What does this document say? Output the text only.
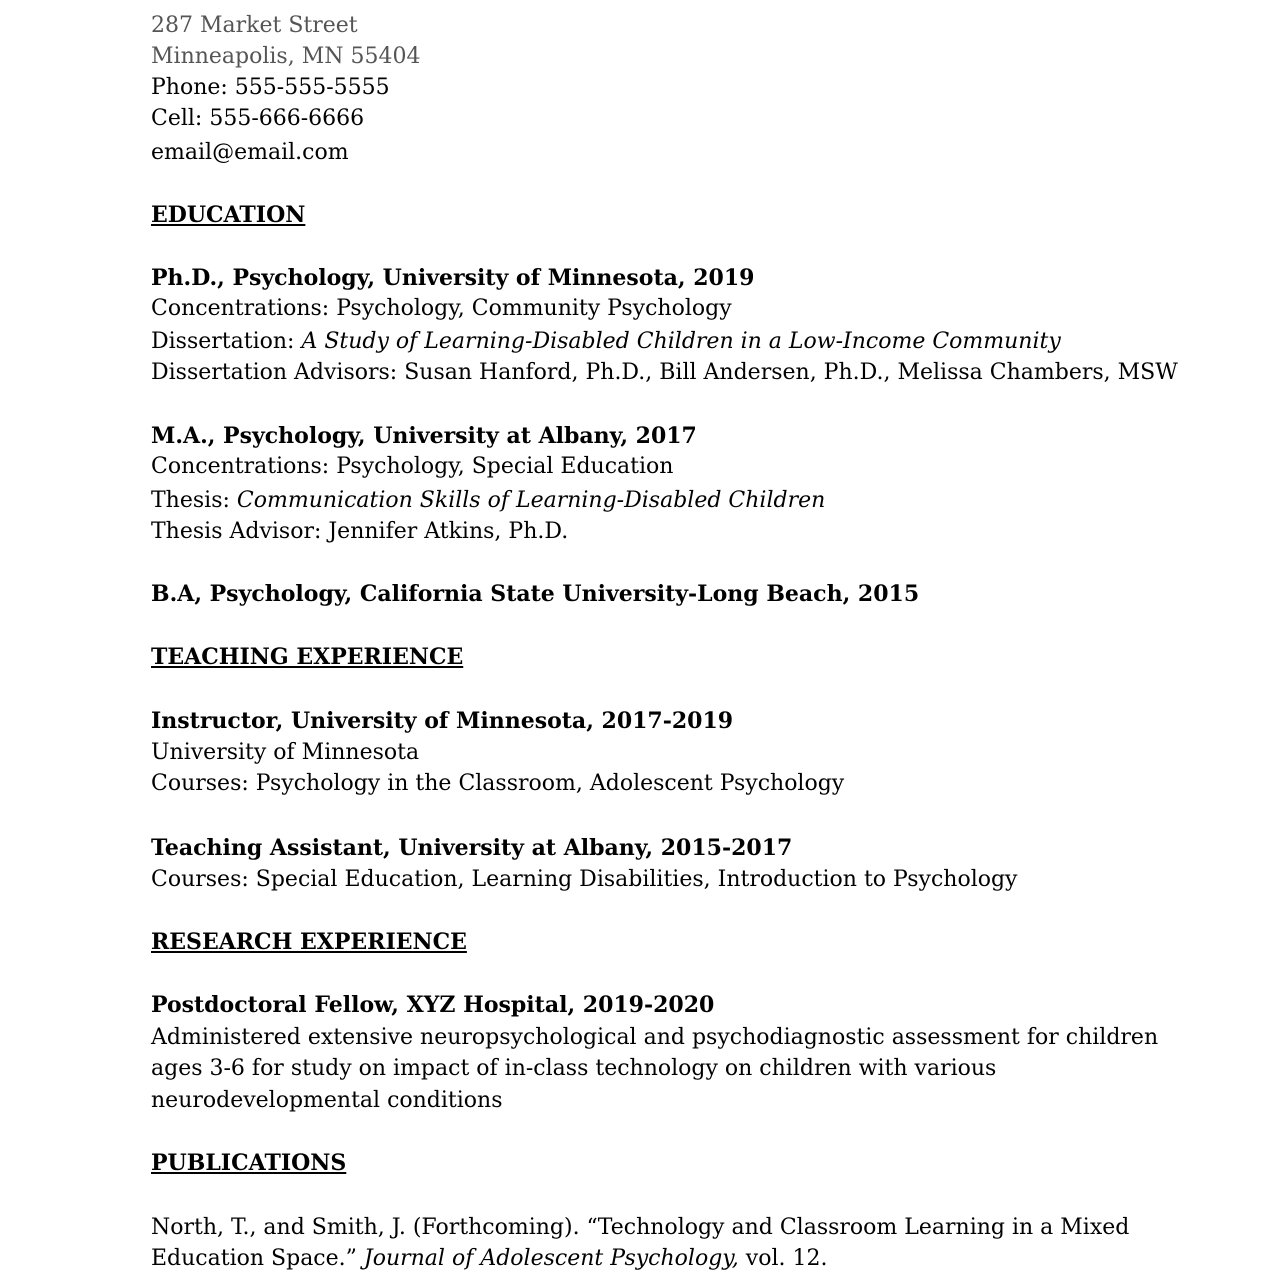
287 Market Street
Minneapolis, MN 55404
Phone: 555-555-5555
Cell: 555-666-6666
email@email.com
EDUCATION
Ph.D., Psychology, University of Minnesota, 2019
Concentrations: Psychology, Community Psychology
Dissertation: A Study of Learning-Disabled Children in a Low-Income Community
Dissertation Advisors: Susan Hanford, Ph.D., Bill Andersen, Ph.D., Melissa Chambers, MSW
M.A., Psychology, University at Albany, 2017
Concentrations: Psychology, Special Education
Thesis: Communication Skills of Learning-Disabled Children
Thesis Advisor: Jennifer Atkins, Ph.D.
B.A, Psychology, California State University-Long Beach, 2015
TEACHING EXPERIENCE
Instructor, University of Minnesota, 2017-2019
University of Minnesota
Courses: Psychology in the Classroom, Adolescent Psychology
Teaching Assistant, University at Albany, 2015-2017
Courses: Special Education, Learning Disabilities, Introduction to Psychology
RESEARCH EXPERIENCE
Postdoctoral Fellow, XYZ Hospital, 2019-2020
Administered extensive neuropsychological and psychodiagnostic assessment for children
ages 3-6 for study on impact of in-class technology on children with various
neurodevelopmental conditions
PUBLICATIONS
North, T., and Smith, J. (Forthcoming). “Technology and Classroom Learning in a Mixed
Education Space.” Journal of Adolescent Psychology, vol. 12.
